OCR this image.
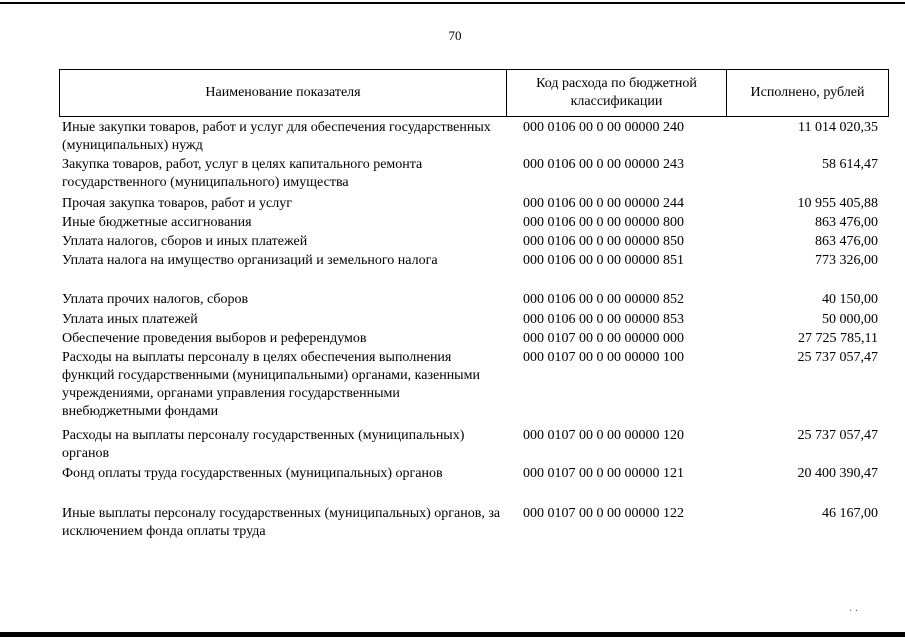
70
Наименование показателя
Код расхода по бюджетной классификации
Исполнено, рублей
Иные закупки товаров, работ и услуг для обеспечения государственных (муниципальных) нужд
000 0106 00 0 00 00000 240	11 014 020,35
Закупка товаров, работ, услуг в целях капитального ремонта государственного (муниципального) имущества
000 0106 00 0 00 00000 243	58 614,47
Прочая закупка товаров, работ и услуг	000 0106 00 0 00 00000 244	10 955 405,88
Иные бюджетные ассигнования	000 0106 00 0 00 00000 800	863 476,00
Уплата налогов, сборов и иных платежей	000 0106 00 0 00 00000 850	863 476,00
Уплата налога на имущество организаций и земельного налога	000 0106 00 0 00 00000 851	773 326,00
Уплата прочих налогов, сборов	000 0106 00 0 00 00000 852	40 150,00
Уплата иных платежей	000 0106 00 0 00 00000 853	50 000,00
Обеспечение проведения выборов и референдумов	000 0107 00 0 00 00000 000	27 725 785,11
Расходы на выплаты персоналу в целях обеспечения выполнения функций государственными (муниципальными) органами, казенными учреждениями, органами управления государственными внебюджетными фондами
000 0107 00 0 00 00000 100	25 737 057,47
Расходы на выплаты персоналу государственных (муниципальных) органов
000 0107 00 0 00 00000 120	25 737 057,47
Фонд оплаты труда государственных (муниципальных) органов	000 0107 00 0 00 00000 121	20 400 390,47
Иные выплаты персоналу государственных (муниципальных) органов, за исключением фонда оплаты труда
000 0107 00 0 00 00000 122	46 167,00
· ·
